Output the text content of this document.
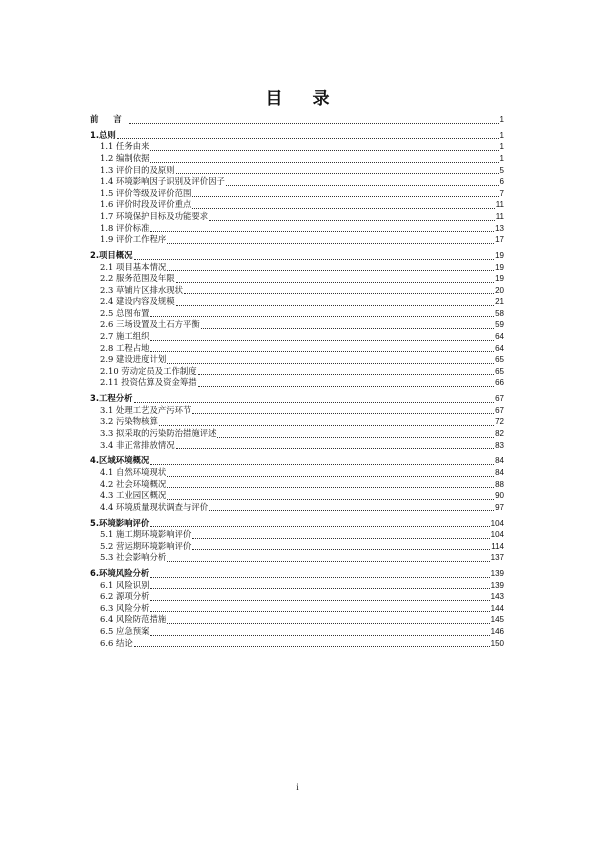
目 录
前 言	1
1.总则	1
1.1 任务由来	1
1.2 编制依据	1
1.3 评价目的及原则	5
1.4 环境影响因子识别及评价因子	6
1.5 评价等级及评价范围	7
1.6 评价时段及评价重点	11
1.7 环境保护目标及功能要求	11
1.8 评价标准	13
1.9 评价工作程序	17
2.项目概况	19
2.1 项目基本情况	19
2.2 服务范围及年限	19
2.3 草铺片区排水现状	20
2.4 建设内容及规模	21
2.5 总图布置	58
2.6 三场设置及土石方平衡	59
2.7 施工组织	64
2.8 工程占地	64
2.9 建设进度计划	65
2.10 劳动定员及工作制度	65
2.11 投资估算及资金筹措	66
3.工程分析	67
3.1 处理工艺及产污环节	67
3.2 污染物核算	72
3.3 拟采取的污染防治措施评述	82
3.4 非正常排放情况	83
4.区域环境概况	84
4.1 自然环境现状	84
4.2 社会环境概况	88
4.3 工业园区概况	90
4.4 环境质量现状调查与评价	97
5.环境影响评价	104
5.1 施工期环境影响评价	104
5.2 营运期环境影响评价	114
5.3 社会影响分析	137
6.环境风险分析	139
6.1 风险识别	139
6.2 源项分析	143
6.3 风险分析	144
6.4 风险防范措施	145
6.5 应急预案	146
6.6 结论	150
i
